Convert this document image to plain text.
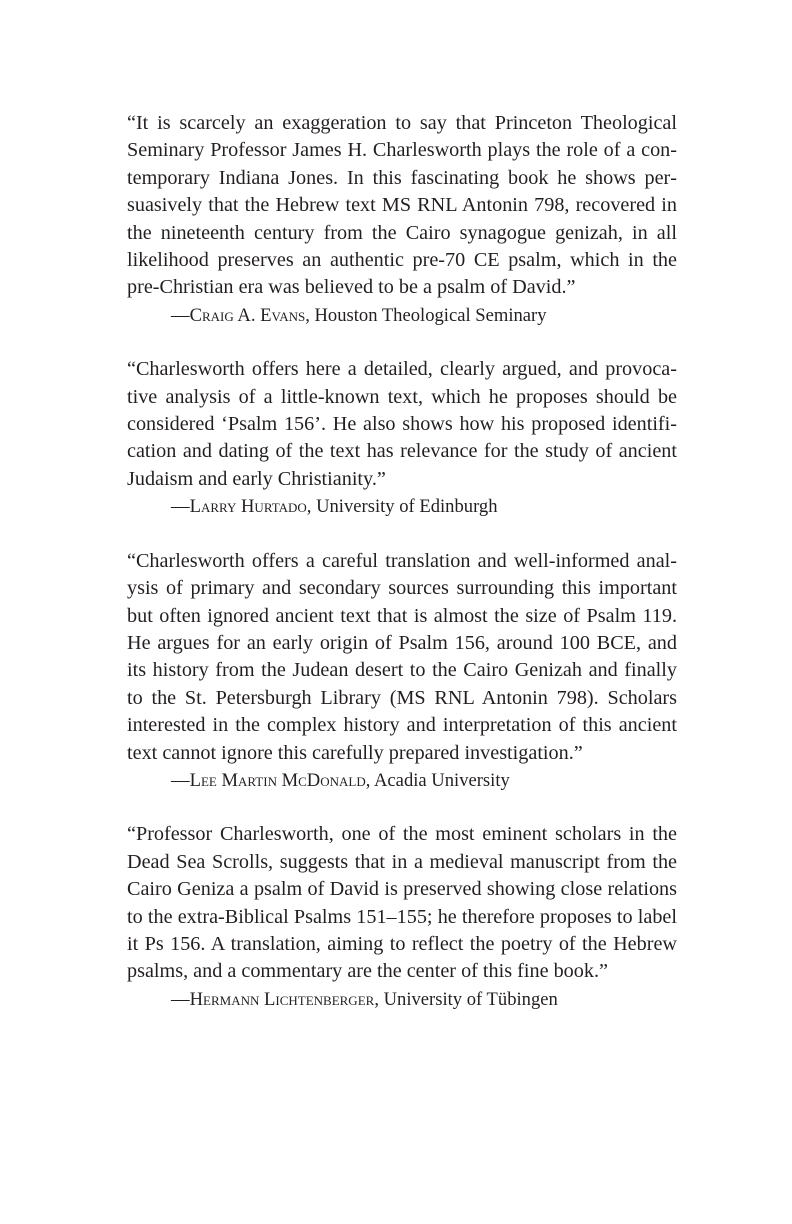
“It is scarcely an exaggeration to say that Princeton Theological Seminary Professor James H. Charlesworth plays the role of a contemporary Indiana Jones. In this fascinating book he shows persuasively that the Hebrew text MS RNL Antonin 798, recovered in the nineteenth century from the Cairo synagogue genizah, in all likelihood preserves an authentic pre-70 CE psalm, which in the pre-Christian era was believed to be a psalm of David.”

—Craig A. Evans, Houston Theological Seminary

“Charlesworth offers here a detailed, clearly argued, and provocative analysis of a little-known text, which he proposes should be considered ‘Psalm 156’. He also shows how his proposed identification and dating of the text has relevance for the study of ancient Judaism and early Christianity.”

—Larry Hurtado, University of Edinburgh

“Charlesworth offers a careful translation and well-informed analysis of primary and secondary sources surrounding this important but often ignored ancient text that is almost the size of Psalm 119. He argues for an early origin of Psalm 156, around 100 BCE, and its history from the Judean desert to the Cairo Genizah and finally to the St. Petersburgh Library (MS RNL Antonin 798). Scholars interested in the complex history and interpretation of this ancient text cannot ignore this carefully prepared investigation.”

—Lee Martin McDonald, Acadia University

“Professor Charlesworth, one of the most eminent scholars in the Dead Sea Scrolls, suggests that in a medieval manuscript from the Cairo Geniza a psalm of David is preserved showing close relations to the extra-Biblical Psalms 151–155; he therefore proposes to label it Ps 156. A translation, aiming to reflect the poetry of the Hebrew psalms, and a commentary are the center of this fine book.”

—Hermann Lichtenberger, University of Tübingen
